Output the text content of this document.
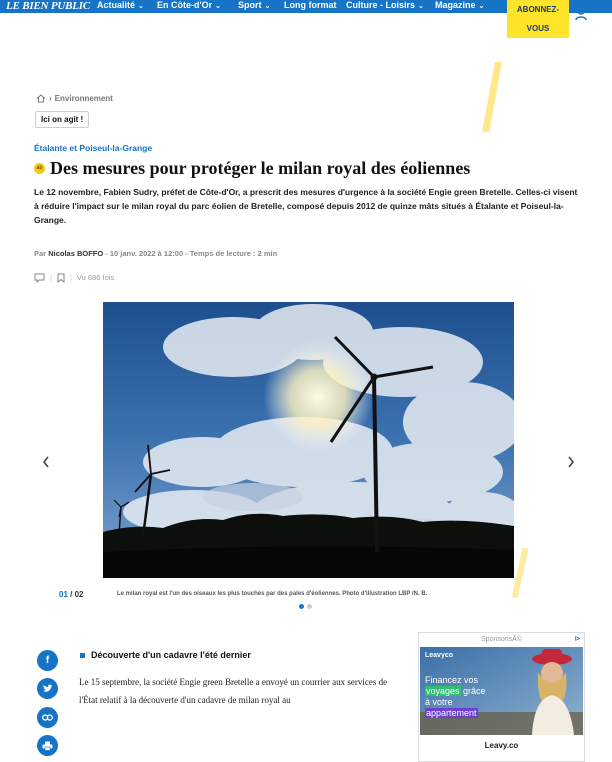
LE BIEN PUBLIC Actualité ⌄ En Côte-d'Or ⌄ Sport ⌄ Long format Culture - Loisirs ⌄ Magazine ⌄	ABONNEZ-
VOUS
› Environnement
Ici on agit !
Étalante et Poiseul-la-Grange
ab Des mesures pour protéger le milan royal des éoliennes

Le 12 novembre, Fabien Sudry, préfet de Côte-d'Or, a prescrit des mesures d'urgence à la société Engie green Bretelle. Celles-ci visent à réduire l'impact sur le milan royal du parc éolien de Bretelle, composé depuis 2012 de quinze mâts situés à Étalante et Poiseul-la-Grange.

Par Nicolas BOFFO - 10 janv. 2022 à 12:00 - Temps de lecture : 2 min
| | Vu 686 fois
01 / 02	Le milan royal est l'un des oiseaux les plus touchés par des pales d'éoliennes. Photo d'illustration LBP /N. B.
f	Découverte d'un cadavre l'été dernier

Le 15 septembre, la société Engie green Bretelle a envoyé un courrier aux services de l'État relatif à la découverte d'un cadavre de milan royal au

SponsorisÃ©	⊳
Leavyco
Financez vos
voyages grâce
à votre
appartement
Leavy.co
